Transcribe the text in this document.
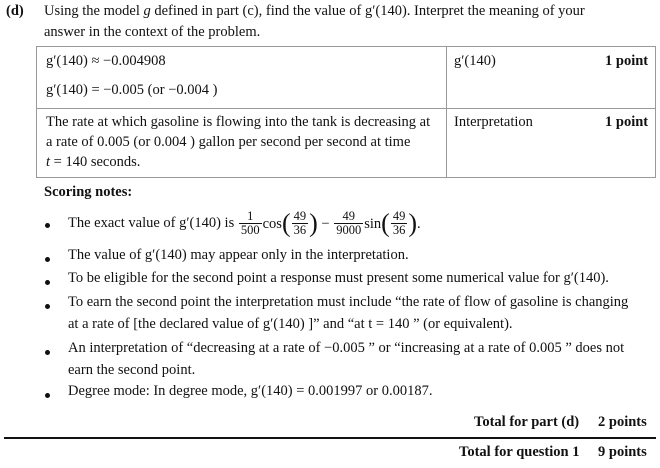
(d) Using the model g defined in part (c), find the value of g′(140). Interpret the meaning of your
answer in the context of the problem.
g′(140) ≈ −0.004908
g′(140) = −0.005 (or −0.004 )
g′(140)	1 point
The rate at which gasoline is flowing into the tank is decreasing at
a rate of 0.005 (or 0.004 ) gallon per second per second at time
t = 140 seconds.
Interpretation	1 point
Scoring notes:
The exact value of g′(140) is $\frac{1}{500} \cos( \frac{49}{36}$ ) − $\frac{49}{9000} \sin( \frac{49}{36}$ ).
The value of g′(140) may appear only in the interpretation.
To be eligible for the second point a response must present some numerical value for g′(140).
To earn the second point the interpretation must include “the rate of flow of gasoline is changing
at a rate of [the declared value of g′(140) ]” and “at t = 140 ” (or equivalent).
An interpretation of “decreasing at a rate of −0.005 ” or “increasing at a rate of 0.005 ” does not
earn the second point.
Degree mode: In degree mode, g′(140) = 0.001997 or 0.00187.
Total for part (d) 2 points
Total for question 1 9 points
